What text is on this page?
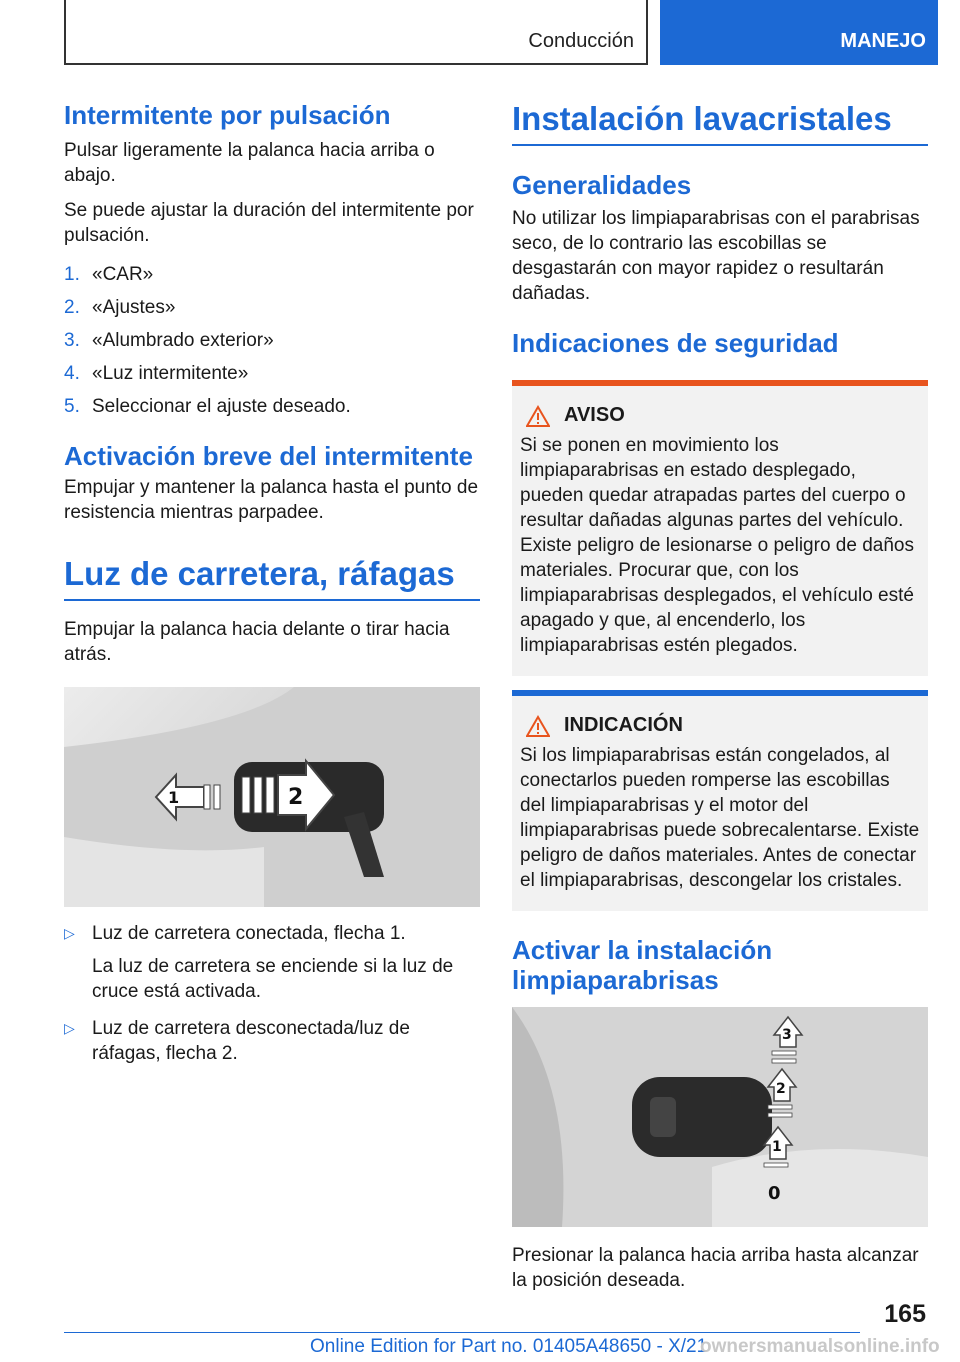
Conducción	MANEJO
Intermitente por pulsación

Pulsar ligeramente la palanca hacia arriba o abajo.

Se puede ajustar la duración del intermitente por pulsación.

1. «CAR»
2. «Ajustes»
3. «Alumbrado exterior»
4. «Luz intermitente»
5. Seleccionar el ajuste deseado.
Activación breve del intermitente

Empujar y mantener la palanca hasta el punto de resistencia mientras parpadee.

Luz de carretera, ráfagas

Empujar la palanca hacia delante o tirar hacia atrás.

1	2
▷ Luz de carretera conectada, flecha 1.
La luz de carretera se enciende si la luz de cruce está activada.
▷ Luz de carretera desconectada/luz de ráfagas, flecha 2.
Instalación lavacristales
Generalidades

No utilizar los limpiaparabrisas con el parabrisas seco, de lo contrario las escobillas se desgastarán con mayor rapidez o resultarán dañadas.

Indicaciones de seguridad
AVISO

Si se ponen en movimiento los limpiaparabrisas en estado desplegado, pueden quedar atrapadas partes del cuerpo o resultar dañadas algunas partes del vehículo. Existe peligro de lesionarse o peligro de daños materiales. Procurar que, con los limpiaparabrisas desplegados, el vehículo esté apagado y que, al encenderlo, los limpiaparabrisas estén plegados.

INDICACIÓN

Si los limpiaparabrisas están congelados, al conectarlos pueden romperse las escobillas del limpiaparabrisas y el motor del limpiaparabrisas puede sobrecalentarse. Existe peligro de daños materiales. Antes de conectar el limpiaparabrisas, descongelar los cristales.

Activar la instalación limpiaparabrisas
3
2
1
0

Presionar la palanca hacia arriba hasta alcanzar la posición deseada.

165
Online Edition for Part no. 01405A48650 - X/21
ownersmanualsonline.info
